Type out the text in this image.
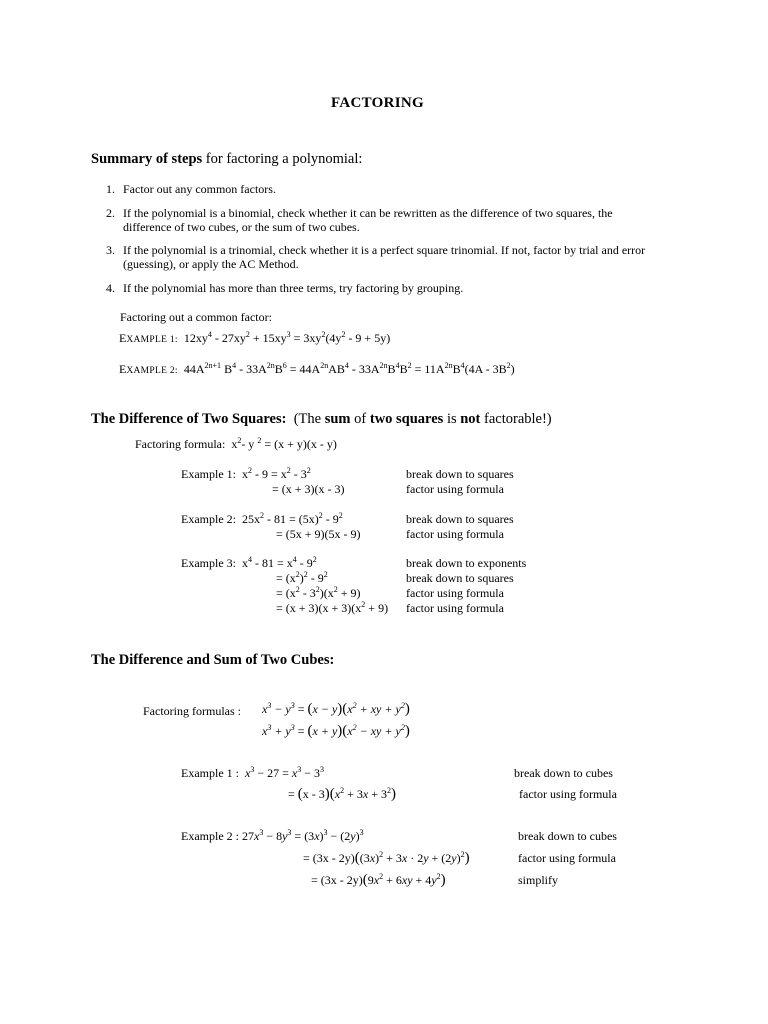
FACTORING
Summary of steps for factoring a polynomial:
1. Factor out any common factors.
2. If the polynomial is a binomial, check whether it can be rewritten as the difference of two squares, the
difference of two cubes, or the sum of two cubes.
3. If the polynomial is a trinomial, check whether it is a perfect square trinomial. If not, factor by trial and error
(guessing), or apply the AC Method.
4. If the polynomial has more than three terms, try factoring by grouping.
Factoring out a common factor:
EXAMPLE 1:  $12xy^4 - 27xy^2 + 15xy^3 = 3xy^2(4y^2 - 9 + 5y)$
EXAMPLE 2:  $44A^{2n+1}$ $B^4 - 33A^{2n}B^6 = 44A^{2n}AB^4 - 33A^{2n}B^4B^2 = 11A^{2n}B^4(4A - 3B^2)$
The Difference of Two Squares:  (The sum of two squares is not factorable!)
Factoring formula:  $x^2-$ y $^2$ = (x + y)(x - y)
Example 1:  $x^2 - 9 = x^2 - 3^2$
= (x + 3)(x - 3)
break down to squares
factor using formula
Example 2:  $25x^2 - 81 = (5x)^2 - 9^2$
= (5x + 9)(5x - 9)
break down to squares
factor using formula
Example 3:  $x^4 - 81 = x^4 - 9^2$
= $(x^2)^2 - 9^2$
= $(x^2 - 3^2)(x^2 + 9)$
= $(x + 3)(x + 3)(x^2 + 9)$
break down to exponents
break down to squares
factor using formula
factor using formula
The Difference and Sum of Two Cubes:
Factoring formulas : $x^3 - y^3 = (x - y)(x^2$ + xy + $y^2$)
$x^3 + y^3 = (x + y)(x^2$ − xy + $y^2$)
Example 1 : $x^3 - 27 = x^3 - 3^3$
= $(x - 3)(x^2 + 3x + 3^2)$
break down to cubes
factor using formula
Example 2 : $27x^3 - 8y^3 = (3x)^3 - (2y)^3$
= $(3x - 2y)((3x)^2 + 3x \cdot 2y + (2y)^2)$
= $(3x - 2y)(9x^2 + 6xy + 4y^2)$
break down to cubes
factor using formula
simplify
